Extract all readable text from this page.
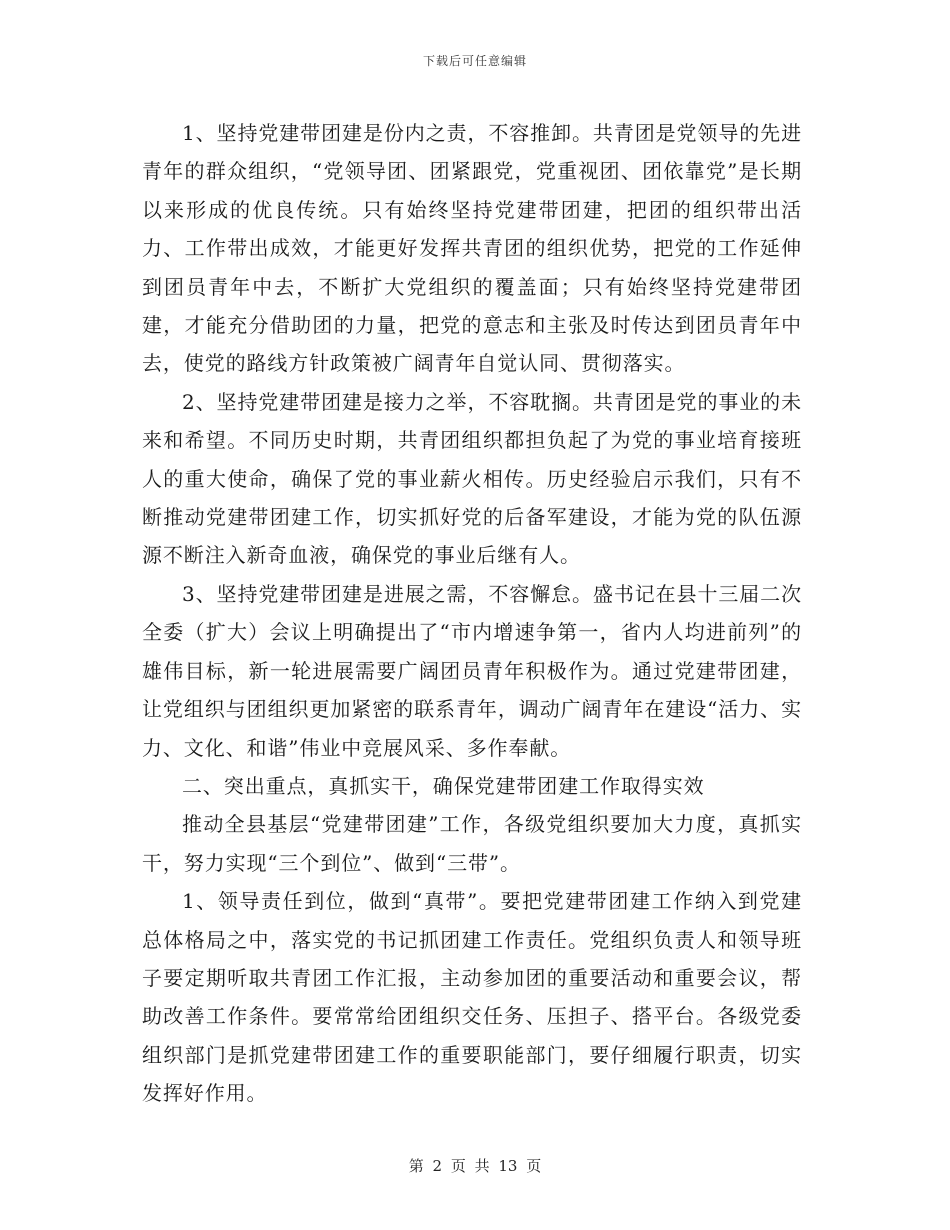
下载后可任意编辑

1、坚持党建带团建是份内之责，不容推卸。共青团是党领导的先进青年的群众组织，“党领导团、团紧跟党，党重视团、团依靠党”是长期以来形成的优良传统。只有始终坚持党建带团建，把团的组织带出活力、工作带出成效，才能更好发挥共青团的组织优势，把党的工作延伸到团员青年中去，不断扩大党组织的覆盖面；只有始终坚持党建带团建，才能充分借助团的力量，把党的意志和主张及时传达到团员青年中去，使党的路线方针政策被广阔青年自觉认同、贯彻落实。

2、坚持党建带团建是接力之举，不容耽搁。共青团是党的事业的未来和希望。不同历史时期，共青团组织都担负起了为党的事业培育接班人的重大使命，确保了党的事业薪火相传。历史经验启示我们，只有不断推动党建带团建工作，切实抓好党的后备军建设，才能为党的队伍源源不断注入新奇血液，确保党的事业后继有人。

3、坚持党建带团建是进展之需，不容懈怠。盛书记在县十三届二次全委（扩大）会议上明确提出了“市内增速争第一，省内人均进前列”的雄伟目标，新一轮进展需要广阔团员青年积极作为。通过党建带团建，让党组织与团组织更加紧密的联系青年，调动广阔青年在建设“活力、实力、文化、和谐”伟业中竞展风采、多作奉献。

二、突出重点，真抓实干，确保党建带团建工作取得实效

推动全县基层“党建带团建”工作，各级党组织要加大力度，真抓实干，努力实现“三个到位”、做到“三带”。

1、领导责任到位，做到“真带”。要把党建带团建工作纳入到党建总体格局之中，落实党的书记抓团建工作责任。党组织负责人和领导班子要定期听取共青团工作汇报，主动参加团的重要活动和重要会议，帮助改善工作条件。要常常给团组织交任务、压担子、搭平台。各级党委组织部门是抓党建带团建工作的重要职能部门，要仔细履行职责，切实发挥好作用。

第 2 页 共 13 页
